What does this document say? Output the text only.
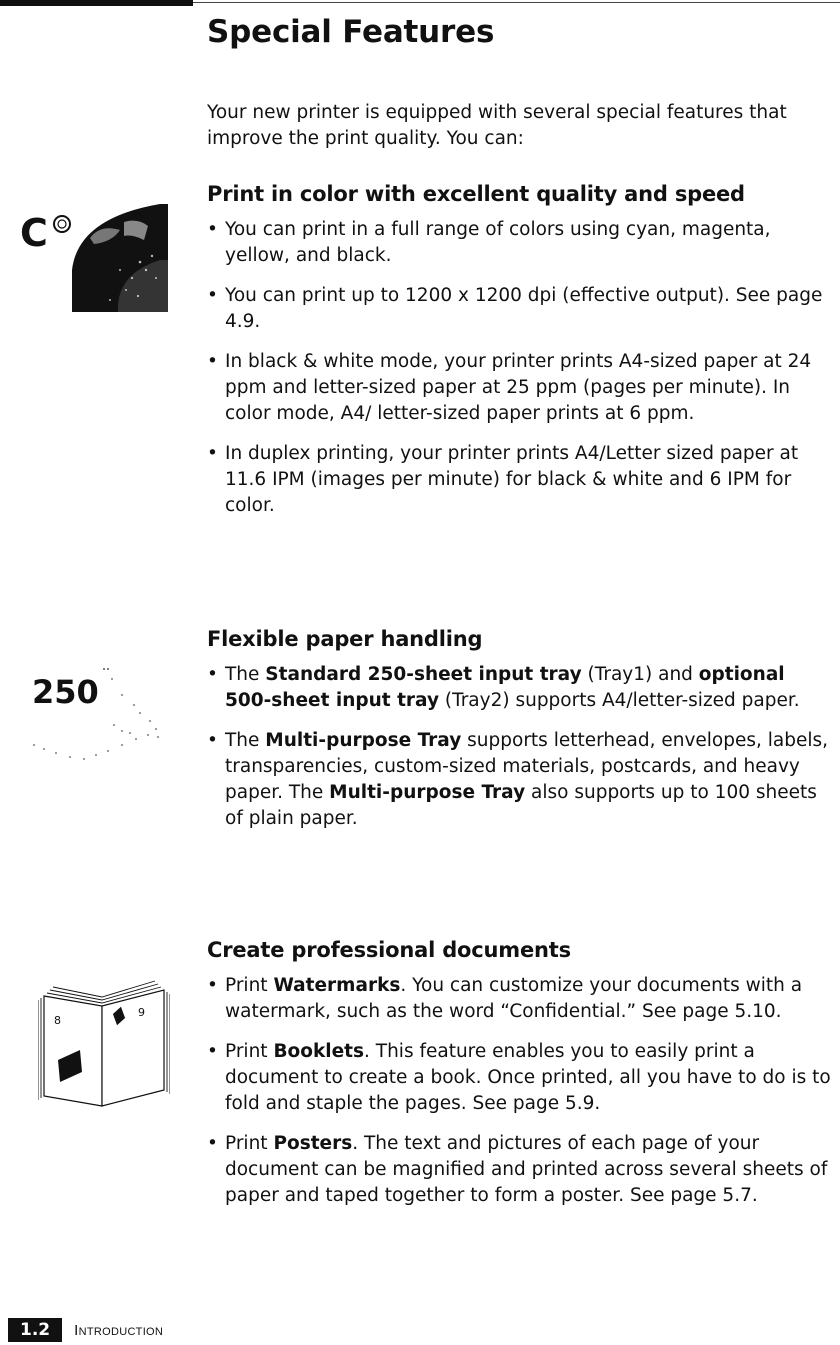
Special Features

Your new printer is equipped with several special features that improve the print quality. You can:

C
250
8
9
Print in color with excellent quality and speed
• You can print in a full range of colors using cyan, magenta, yellow, and black.
• You can print up to 1200 x 1200 dpi (effective output). See page 4.9.
• In black & white mode, your printer prints A4-sized paper at 24 ppm and letter-sized paper at 25 ppm (pages per minute). In color mode, A4/ letter-sized paper prints at 6 ppm.
• In duplex printing, your printer prints A4/Letter sized paper at 11.6 IPM (images per minute) for black & white and 6 IPM for color.
Flexible paper handling
• The Standard 250-sheet input tray (Tray1) and optional 500-sheet input tray (Tray2) supports A4/letter-sized paper.
• The Multi-purpose Tray supports letterhead, envelopes, labels, transparencies, custom-sized materials, postcards, and heavy paper. The Multi-purpose Tray also supports up to 100 sheets of plain paper.
Create professional documents
• Print Watermarks. You can customize your documents with a watermark, such as the word “Confidential.” See page 5.10.
• Print Booklets. This feature enables you to easily print a document to create a book. Once printed, all you have to do is to fold and staple the pages. See page 5.9.
• Print Posters. The text and pictures of each page of your document can be magnified and printed across several sheets of paper and taped together to form a poster. See page 5.7.
1.2	Introduction
